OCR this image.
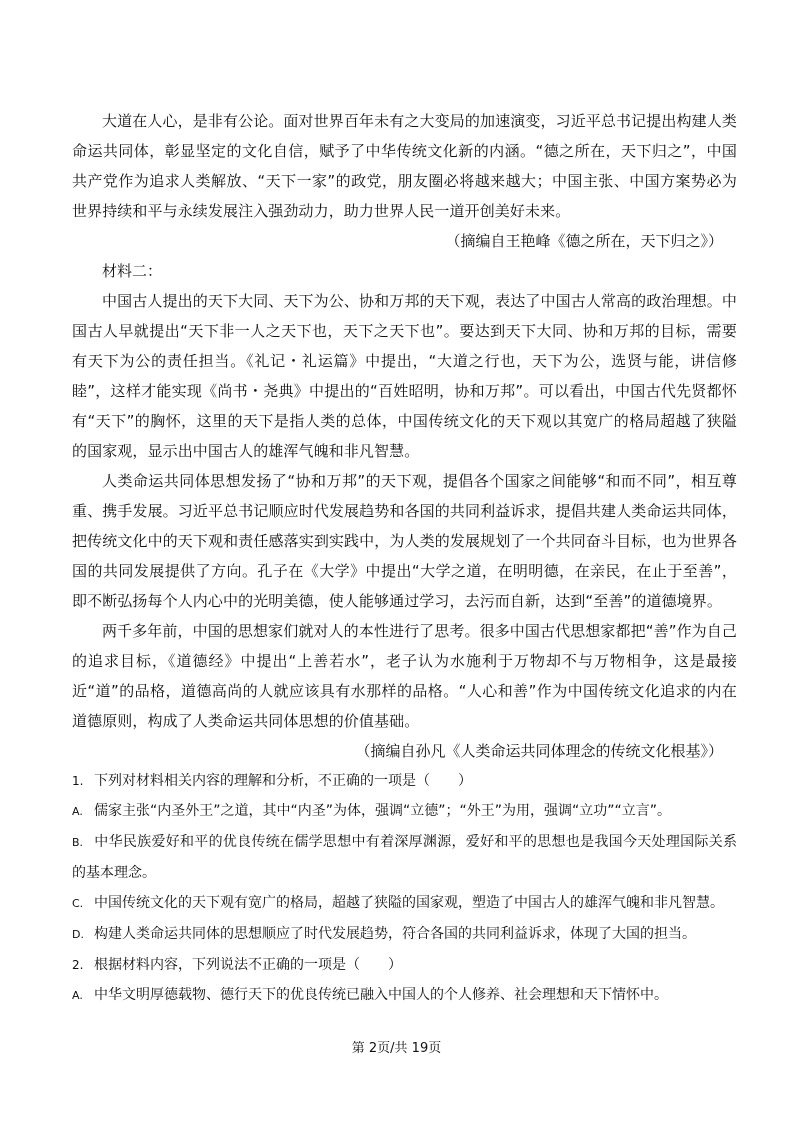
大道在人心，是非有公论。面对世界百年未有之大变局的加速演变，习近平总书记提出构建人类命运共同体，彰显坚定的文化自信，赋予了中华传统文化新的内涵。“德之所在，天下归之”，中国共产党作为追求人类解放、“天下一家”的政党，朋友圈必将越来越大；中国主张、中国方案势必为世界持续和平与永续发展注入强劲动力，助力世界人民一道开创美好未来。

（摘编自王艳峰《德之所在，天下归之》）

材料二：

中国古人提出的天下大同、天下为公、协和万邦的天下观，表达了中国古人常高的政治理想。中国古人早就提出“天下非一人之天下也，天下之天下也”。要达到天下大同、协和万邦的目标，需要有天下为公的责任担当。《礼记・礼运篇》中提出，“大道之行也，天下为公，选贤与能，讲信修睦”，这样才能实现《尚书・尧典》中提出的“百姓昭明，协和万邦”。可以看出，中国古代先贤都怀有“天下”的胸怀，这里的天下是指人类的总体，中国传统文化的天下观以其宽广的格局超越了狭隘的国家观，显示出中国古人的雄浑气魄和非凡智慧。

人类命运共同体思想发扬了“协和万邦”的天下观，提倡各个国家之间能够“和而不同”，相互尊重、携手发展。习近平总书记顺应时代发展趋势和各国的共同利益诉求，提倡共建人类命运共同体，把传统文化中的天下观和责任感落实到实践中，为人类的发展规划了一个共同奋斗目标，也为世界各国的共同发展提供了方向。孔子在《大学》中提出“大学之道，在明明德，在亲民，在止于至善”，即不断弘扬每个人内心中的光明美德，使人能够通过学习，去污而自新，达到“至善”的道德境界。

两千多年前，中国的思想家们就对人的本性进行了思考。很多中国古代思想家都把“善”作为自己的追求目标，《道德经》中提出“上善若水”，老子认为水施利于万物却不与万物相争，这是最接近“道”的品格，道德高尚的人就应该具有水那样的品格。“人心和善”作为中国传统文化追求的内在道德原则，构成了人类命运共同体思想的价值基础。

（摘编自孙凡《人类命运共同体理念的传统文化根基》）

1. 下列对材料相关内容的理解和分析，不正确的一项是（　　）

A. 儒家主张“内圣外王”之道，其中“内圣”为体，强调“立德”；“外王”为用，强调“立功”“立言”。

B. 中华民族爱好和平的优良传统在儒学思想中有着深厚渊源，爱好和平的思想也是我国今天处理国际关系的基本理念。

C. 中国传统文化的天下观有宽广的格局，超越了狭隘的国家观，塑造了中国古人的雄浑气魄和非凡智慧。

D. 构建人类命运共同体的思想顺应了时代发展趋势，符合各国的共同利益诉求，体现了大国的担当。

2. 根据材料内容，下列说法不正确的一项是（　　）

A. 中华文明厚德载物、德行天下的优良传统已融入中国人的个人修养、社会理想和天下情怀中。

第 2页/共 19页
